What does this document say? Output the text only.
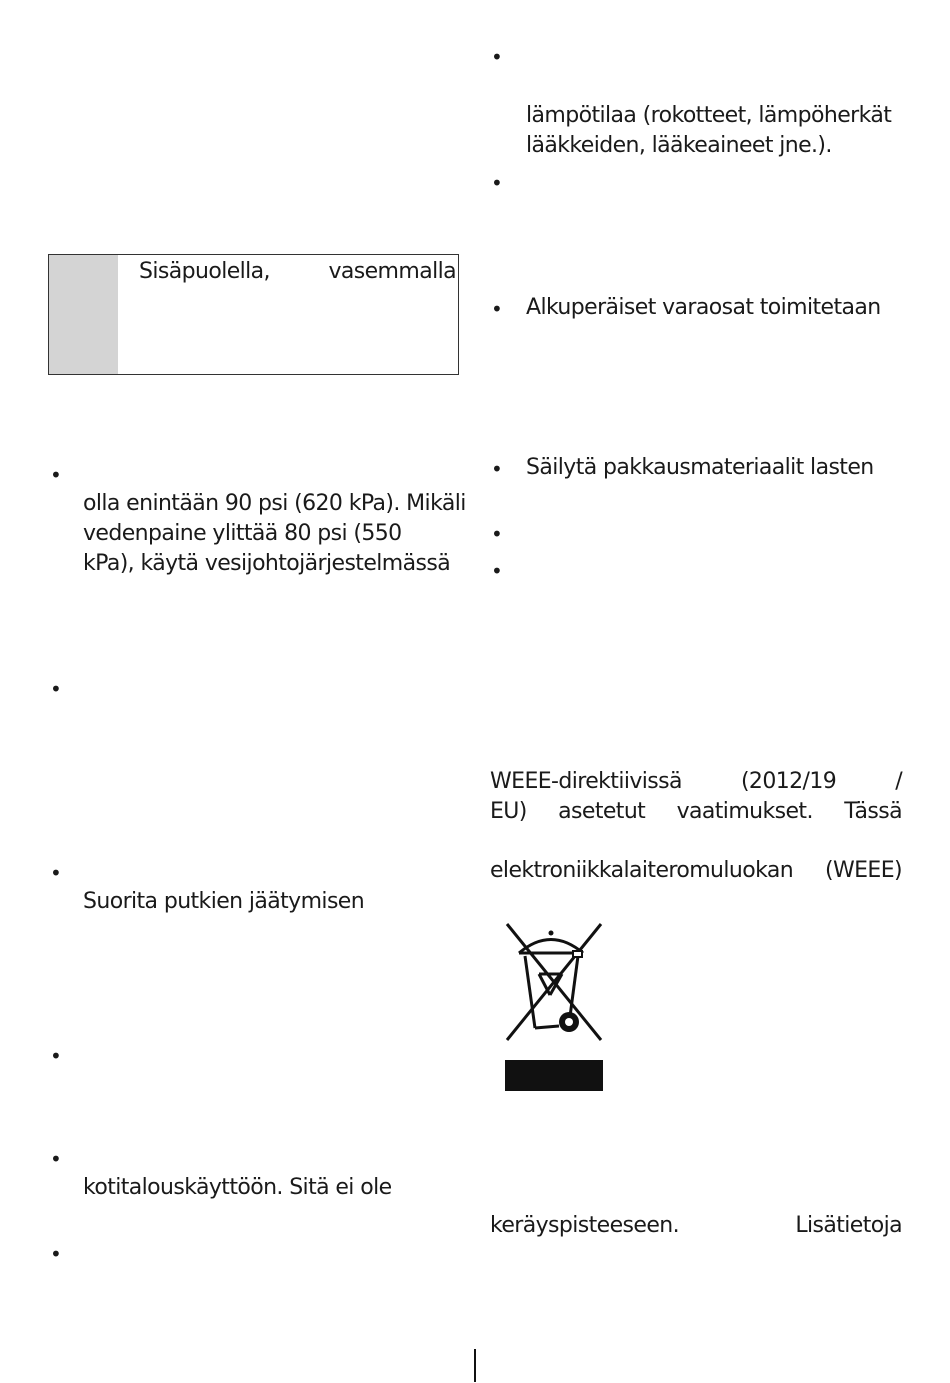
Sisäpuolella,	vasemmalla
•
olla enintään 90 psi (620 kPa). Mikäli
vedenpaine ylittää 80 psi (550
kPa), käytä vesijohtojärjestelmässä
•
•
Suorita putkien jäätymisen
•
•
kotitalouskäyttöön. Sitä ei ole
•
•
lämpötilaa (rokotteet, lämpöherkät
lääkkeiden, lääkeaineet jne.).
•
• Alkuperäiset varaosat toimitetaan
• Säilytä pakkausmateriaalit lasten
•
•
WEEE-direktiivissä	(2012/19	/
EU) asetetut vaatimukset. Tässä
elektroniikkalaiteromuluokan (WEEE)
keräyspisteeseen.	Lisätietoja
